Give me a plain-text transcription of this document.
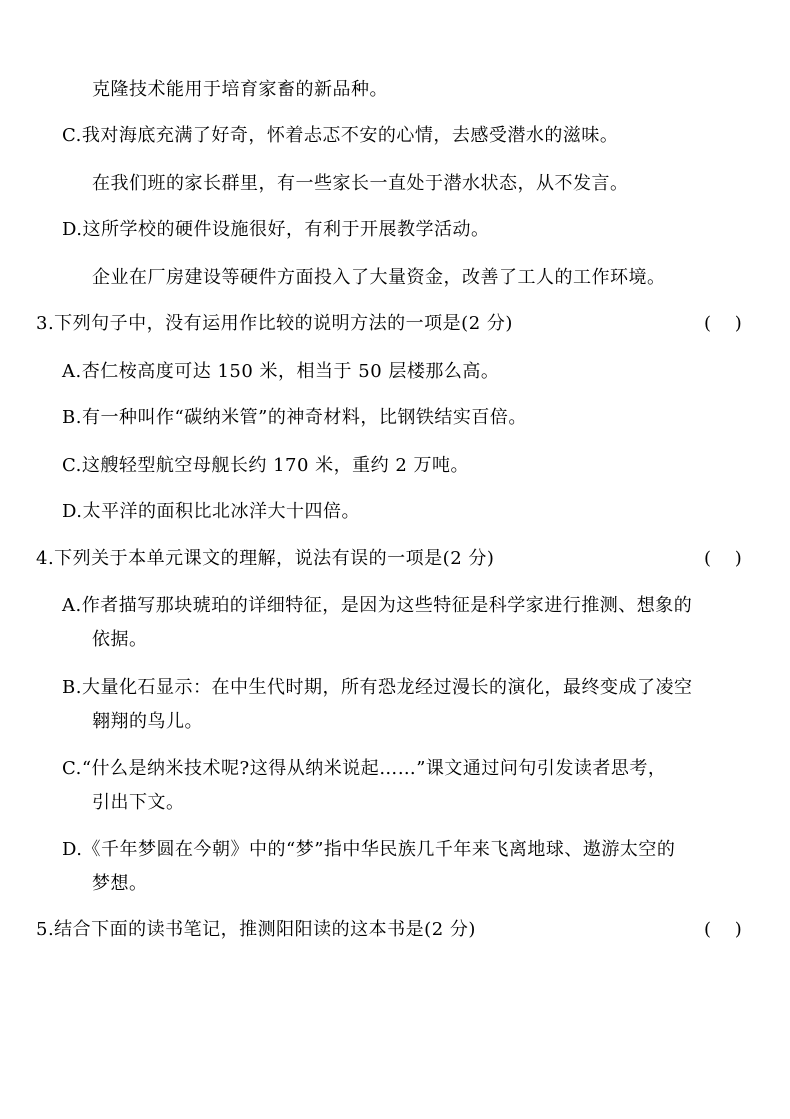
克隆技术能用于培育家畜的新品种。
C.我对海底充满了好奇，怀着忐忑不安的心情，去感受潜水的滋味。
在我们班的家长群里，有一些家长一直处于潜水状态，从不发言。
D.这所学校的硬件设施很好，有利于开展教学活动。
企业在厂房建设等硬件方面投入了大量资金，改善了工人的工作环境。
3.下列句子中，没有运用作比较的说明方法的一项是(2 分)	(　 )
A.杏仁桉高度可达 150 米，相当于 50 层楼那么高。
B.有一种叫作“碳纳米管”的神奇材料，比钢铁结实百倍。
C.这艘轻型航空母舰长约 170 米，重约 2 万吨。
D.太平洋的面积比北冰洋大十四倍。
4.下列关于本单元课文的理解，说法有误的一项是(2 分)	(　 )
A.作者描写那块琥珀的详细特征，是因为这些特征是科学家进行推测、想象的
依据。
B.大量化石显示：在中生代时期，所有恐龙经过漫长的演化，最终变成了凌空
翱翔的鸟儿。
C.“什么是纳米技术呢?这得从纳米说起……”课文通过问句引发读者思考，
引出下文。
D.《千年梦圆在今朝》中的“梦”指中华民族几千年来飞离地球、遨游太空的
梦想。
5.结合下面的读书笔记，推测阳阳读的这本书是(2 分)	(　 )
